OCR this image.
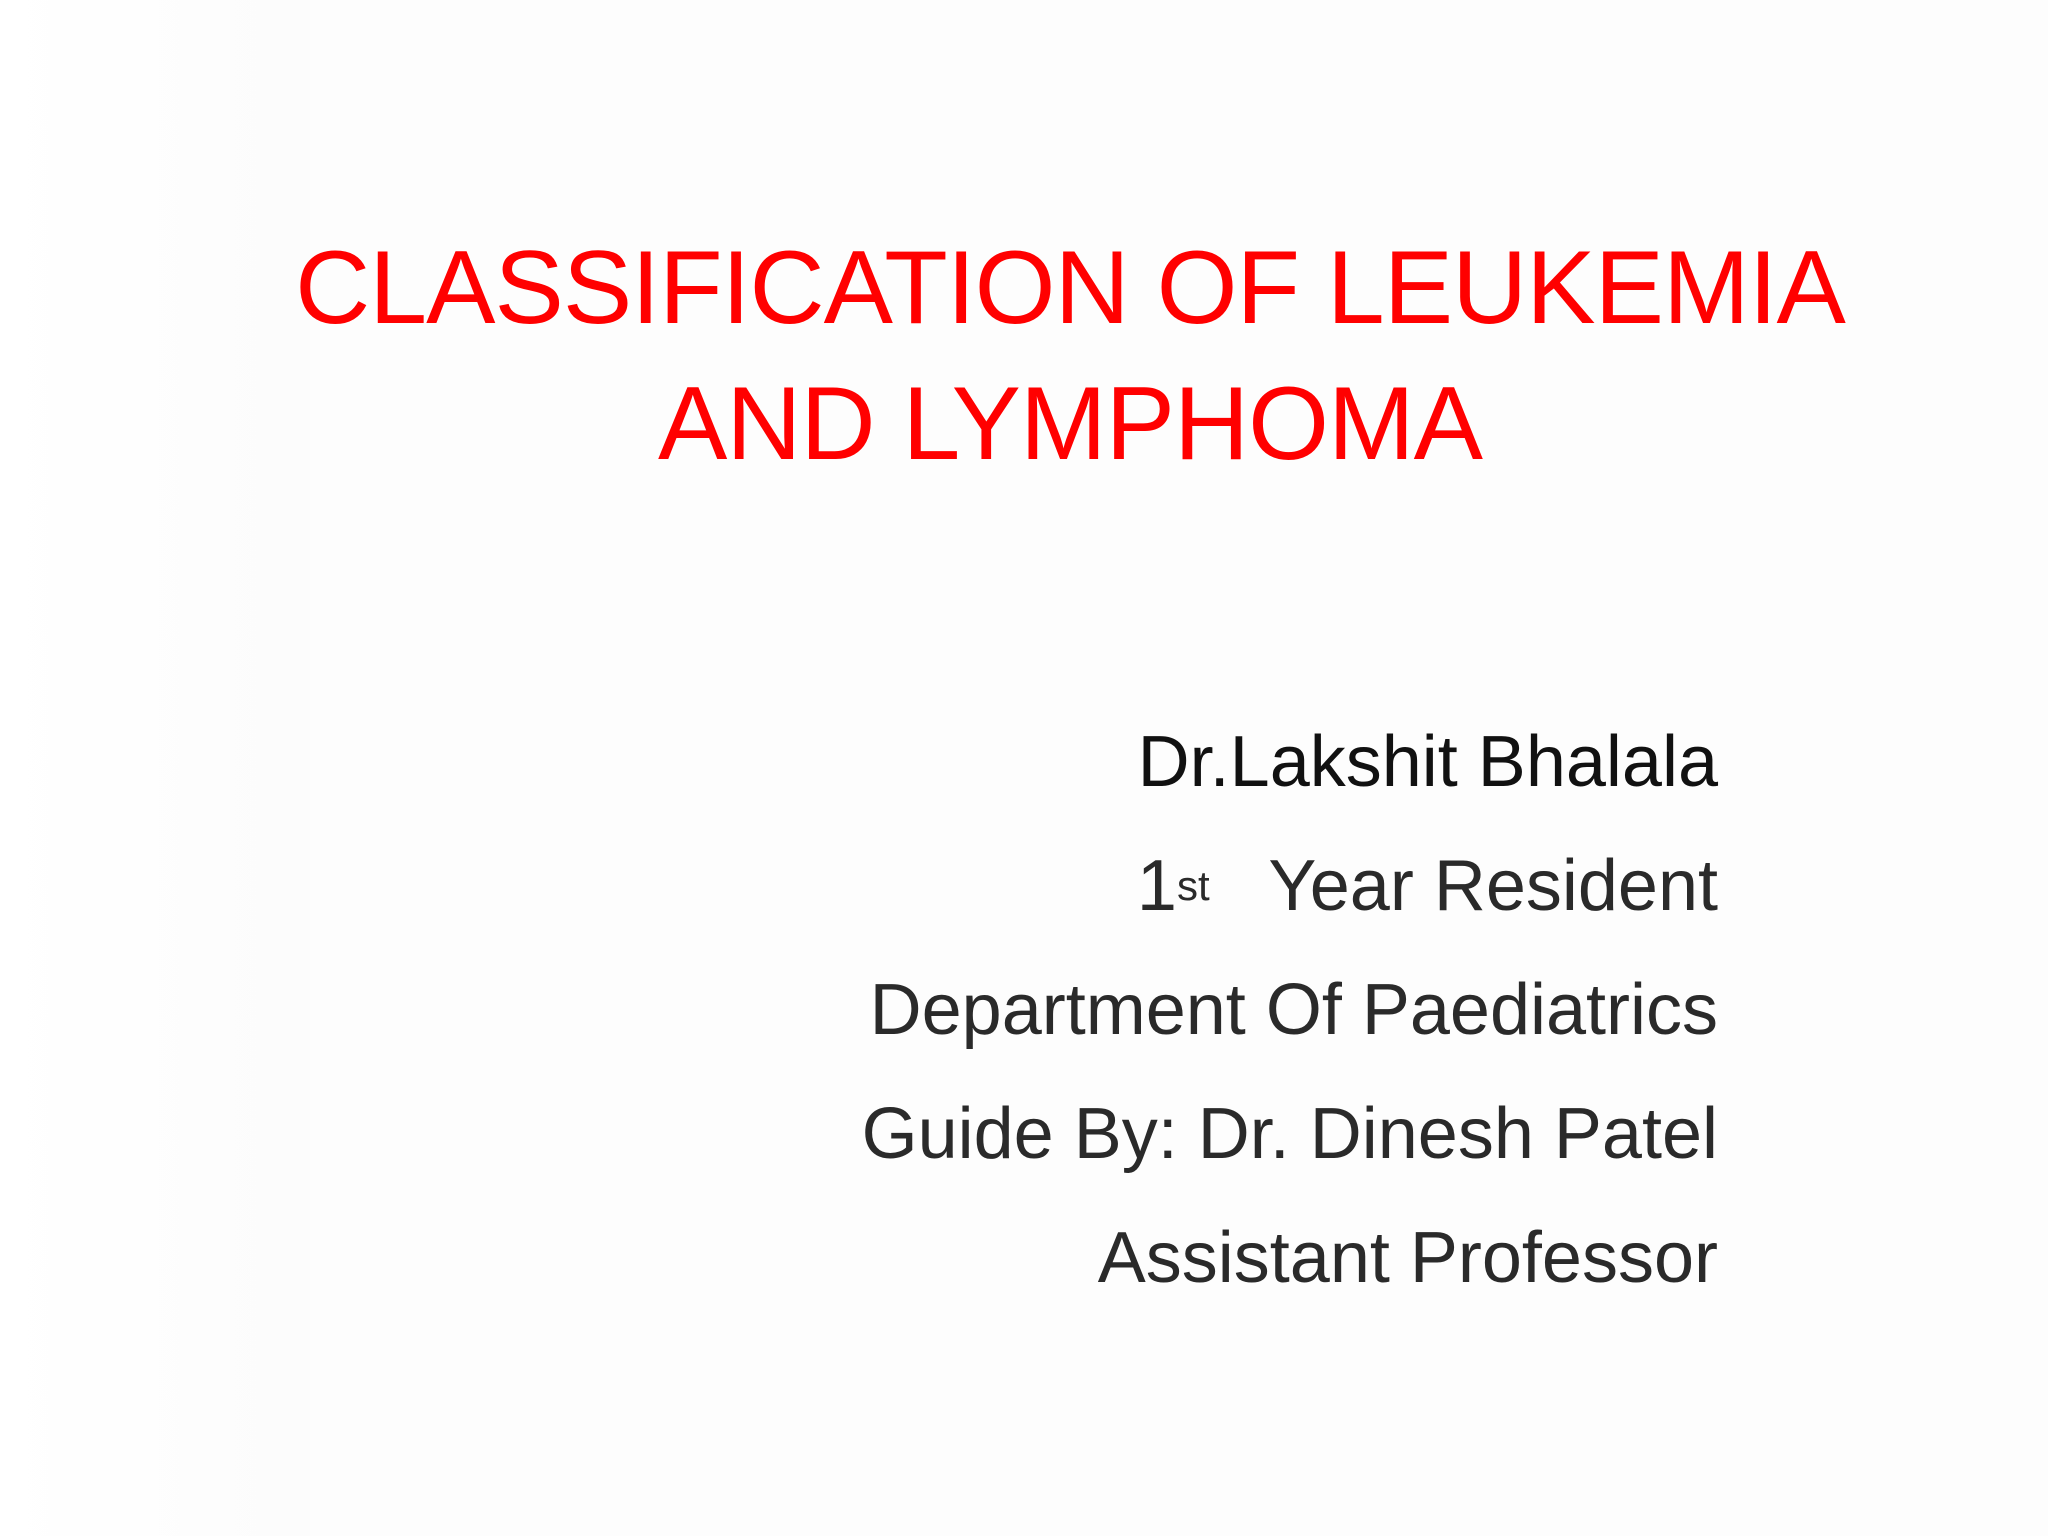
CLASSIFICATION OF LEUKEMIA AND LYMPHOMA
Dr.Lakshit Bhalala
1st Year Resident
Department Of Paediatrics
Guide By: Dr. Dinesh Patel
Assistant Professor
